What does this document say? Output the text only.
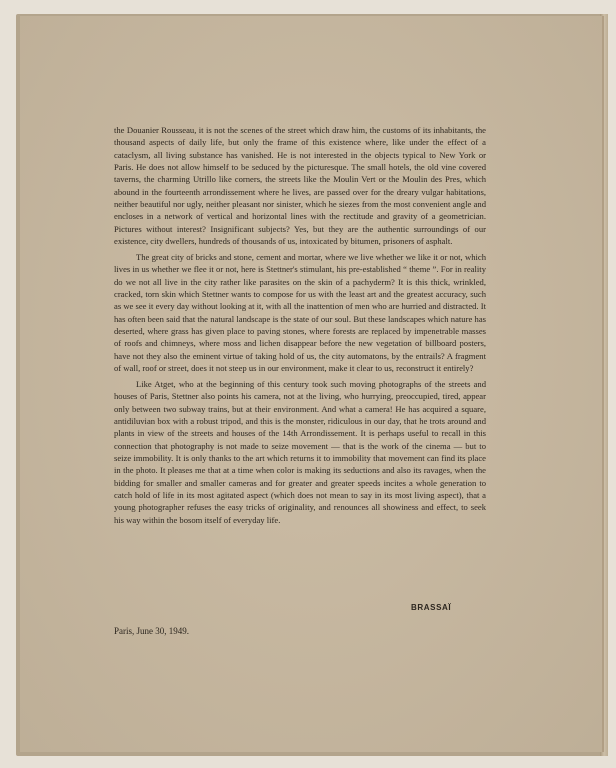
the Douanier Rousseau, it is not the scenes of the street which draw him, the customs of its inhabitants, the thousand aspects of daily life, but only the frame of this existence where, like under the effect of a cataclysm, all living substance has vanished. He is not interested in the objects typical to New York or Paris. He does not allow himself to be seduced by the picturesque. The small hotels, the old vine covered taverns, the charming Utrillo like corners, the streets like the Moulin Vert or the Moulin des Pres, which abound in the fourteenth arrondissement where he lives, are passed over for the dreary vulgar habitations, neither beautiful nor ugly, neither pleasant nor sinister, which he siezes from the most convenient angle and encloses in a network of vertical and horizontal lines with the rectitude and gravity of a geometrician. Pictures without interest? Insignificant subjects? Yes, but they are the authentic surroundings of our existence, city dwellers, hundreds of thousands of us, intoxicated by bitumen, prisoners of asphalt.

The great city of bricks and stone, cement and mortar, where we live whether we like it or not, which lives in us whether we flee it or not, here is Stettner's stimulant, his pre-established “ theme ”. For in reality do we not all live in the city rather like parasites on the skin of a pachyderm? It is this thick, wrinkled, cracked, torn skin which Stettner wants to compose for us with the least art and the greatest accuracy, such as we see it every day without looking at it, with all the inattention of men who are hurried and distracted. It has often been said that the natural landscape is the state of our soul. But these landscapes which nature has deserted, where grass has given place to paving stones, where forests are replaced by impenetrable masses of roofs and chimneys, where moss and lichen disappear before the new vegetation of billboard posters, have not they also the eminent virtue of taking hold of us, the city automatons, by the entrails? A fragment of wall, roof or street, does it not steep us in our environment, make it clear to us, reconstruct it entirely?

Like Atget, who at the beginning of this century took such moving photographs of the streets and houses of Paris, Stettner also points his camera, not at the living, who hurrying, preoccupied, tired, appear only between two subway trains, but at their environment. And what a camera! He has acquired a square, antidiluvian box with a robust tripod, and this is the monster, ridiculous in our day, that he trots around and plants in view of the streets and houses of the 14th Arrondissement. It is perhaps useful to recall in this connection that photography is not made to seize movement — that is the work of the cinema — but to seize immobility. It is only thanks to the art which returns it to immobility that movement can find its place in the photo. It pleases me that at a time when color is making its seductions and also its ravages, when the bidding for smaller and smaller cameras and for greater and greater speeds incites a whole generation to catch hold of life in its most agitated aspect (which does not mean to say in its most living aspect), that a young photographer refuses the easy tricks of originality, and renounces all showiness and effect, to seek his way within the bosom itself of everyday life.

BRASSAÏ
Paris, June 30, 1949.
